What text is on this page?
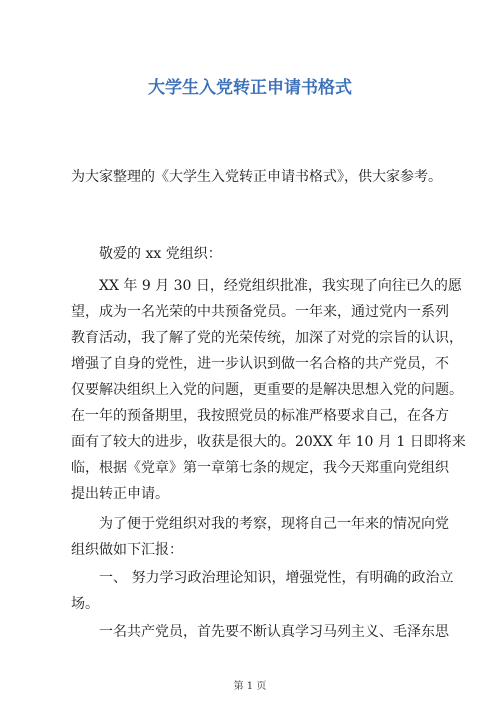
大学生入党转正申请书格式
为大家整理的《大学生入党转正申请书格式》，供大家参考。
敬爱的 xx 党组织：
XX 年 9 月 30 日，经党组织批准，我实现了向往已久的愿
望，成为一名光荣的中共预备党员。一年来，通过党内一系列
教育活动，我了解了党的光荣传统，加深了对党的宗旨的认识，
增强了自身的党性，进一步认识到做一名合格的共产党员，不
仅要解决组织上入党的问题，更重要的是解决思想入党的问题。
在一年的预备期里，我按照党员的标准严格要求自己，在各方
面有了较大的进步，收获是很大的。20XX 年 10 月 1 日即将来
临，根据《党章》第一章第七条的规定，我今天郑重向党组织
提出转正申请。
为了便于党组织对我的考察，现将自己一年来的情况向党
组织做如下汇报：
一、 努力学习政治理论知识，增强党性，有明确的政治立
场。
一名共产党员，首先要不断认真学习马列主义、毛泽东思
第 1 页
